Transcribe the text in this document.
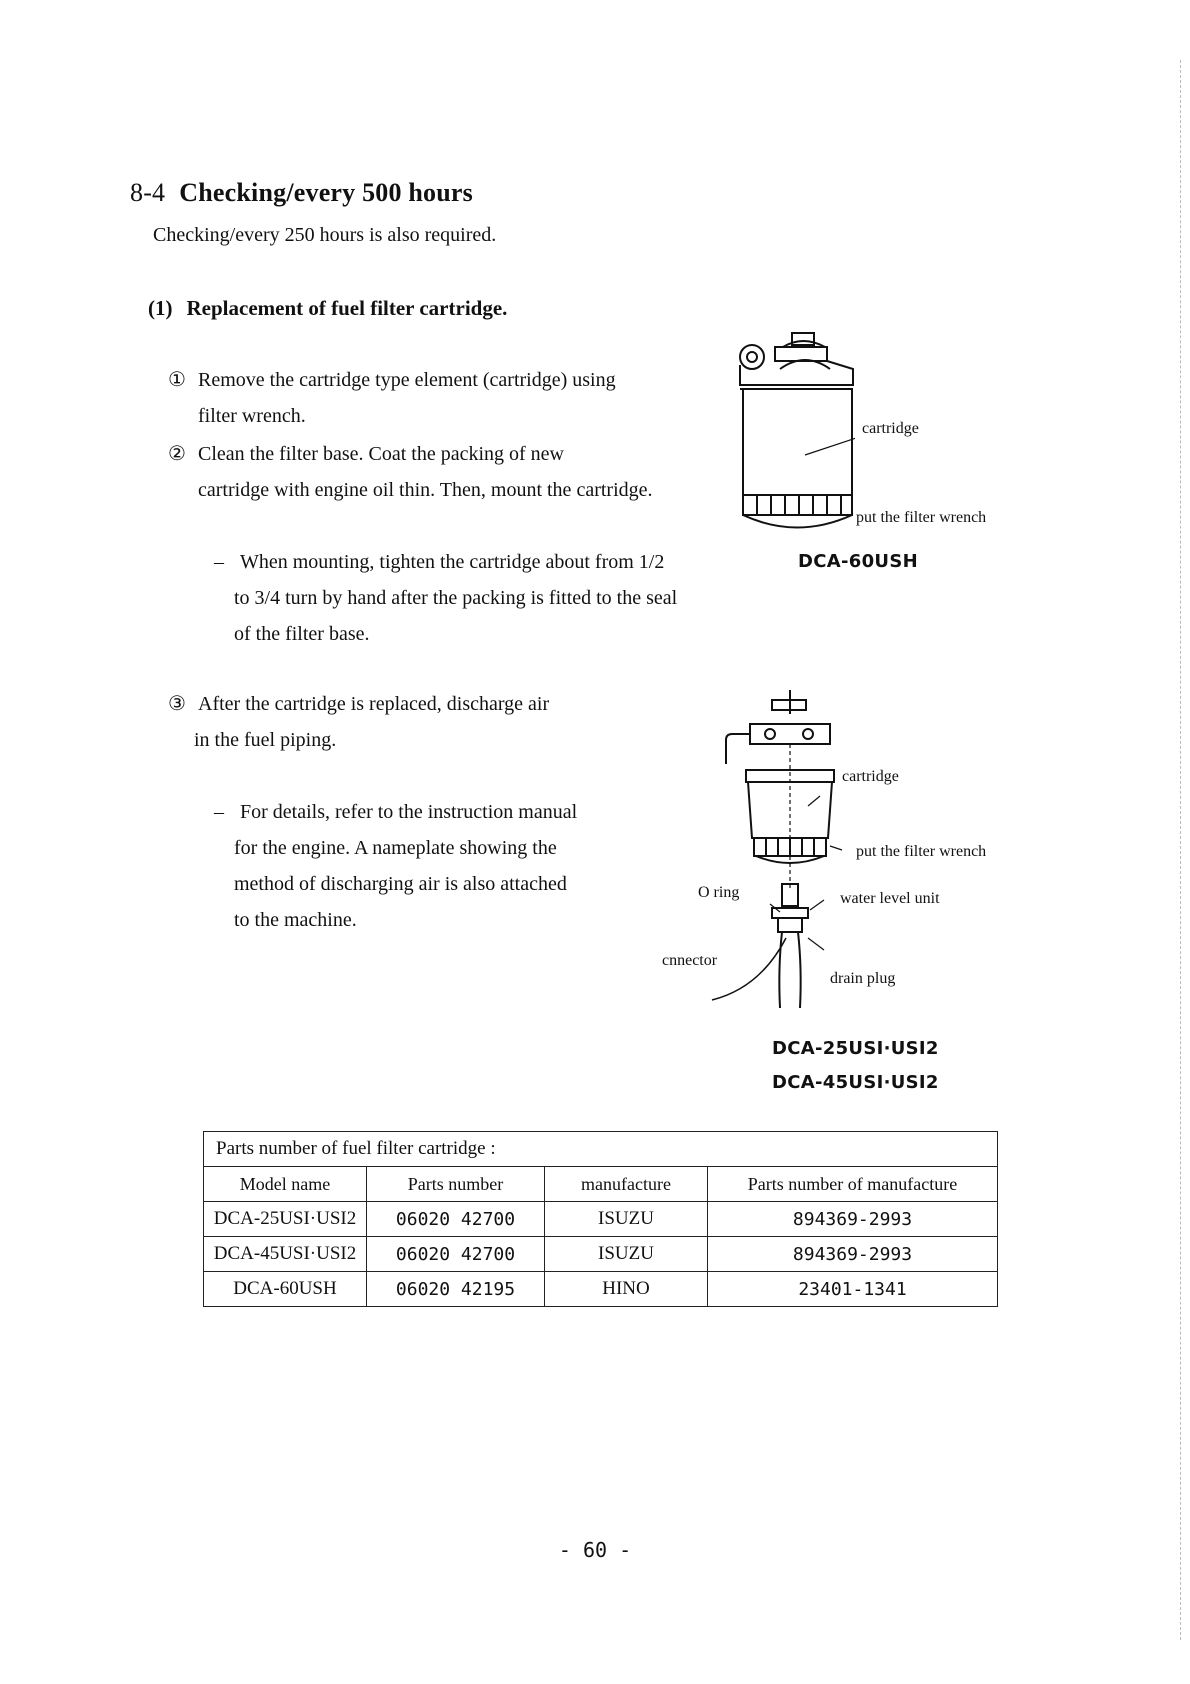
8-4 Checking/every 500 hours
Checking/every 250 hours is also required.
(1) Replacement of fuel filter cartridge.
① Remove the cartridge type element (cartridge) using
filter wrench.
② Clean the filter base. Coat the packing of new
cartridge with engine oil thin. Then, mount the cartridge.
– When mounting, tighten the cartridge about from 1/2
to 3/4 turn by hand after the packing is fitted to the seal
of the filter base.
③ After the cartridge is replaced, discharge air
in the fuel piping.
– For details, refer to the instruction manual
for the engine. A nameplate showing the
method of discharging air is also attached
to the machine.
cartridge
put the filter wrench
DCA-60USH
cartridge
put the filter wrench
O ring	water level unit
cnnector
drain plug
DCA-25USI·USI2
DCA-45USI·USI2
Parts number of fuel filter cartridge :			
Model name	Parts number	manufacture	Parts number of manufacture
DCA-25USI·USI2	06020 42700	ISUZU	894369-2993
DCA-45USI·USI2	06020 42700	ISUZU	894369-2993
DCA-60USH	06020 42195	HINO	23401-1341
- 60 -
